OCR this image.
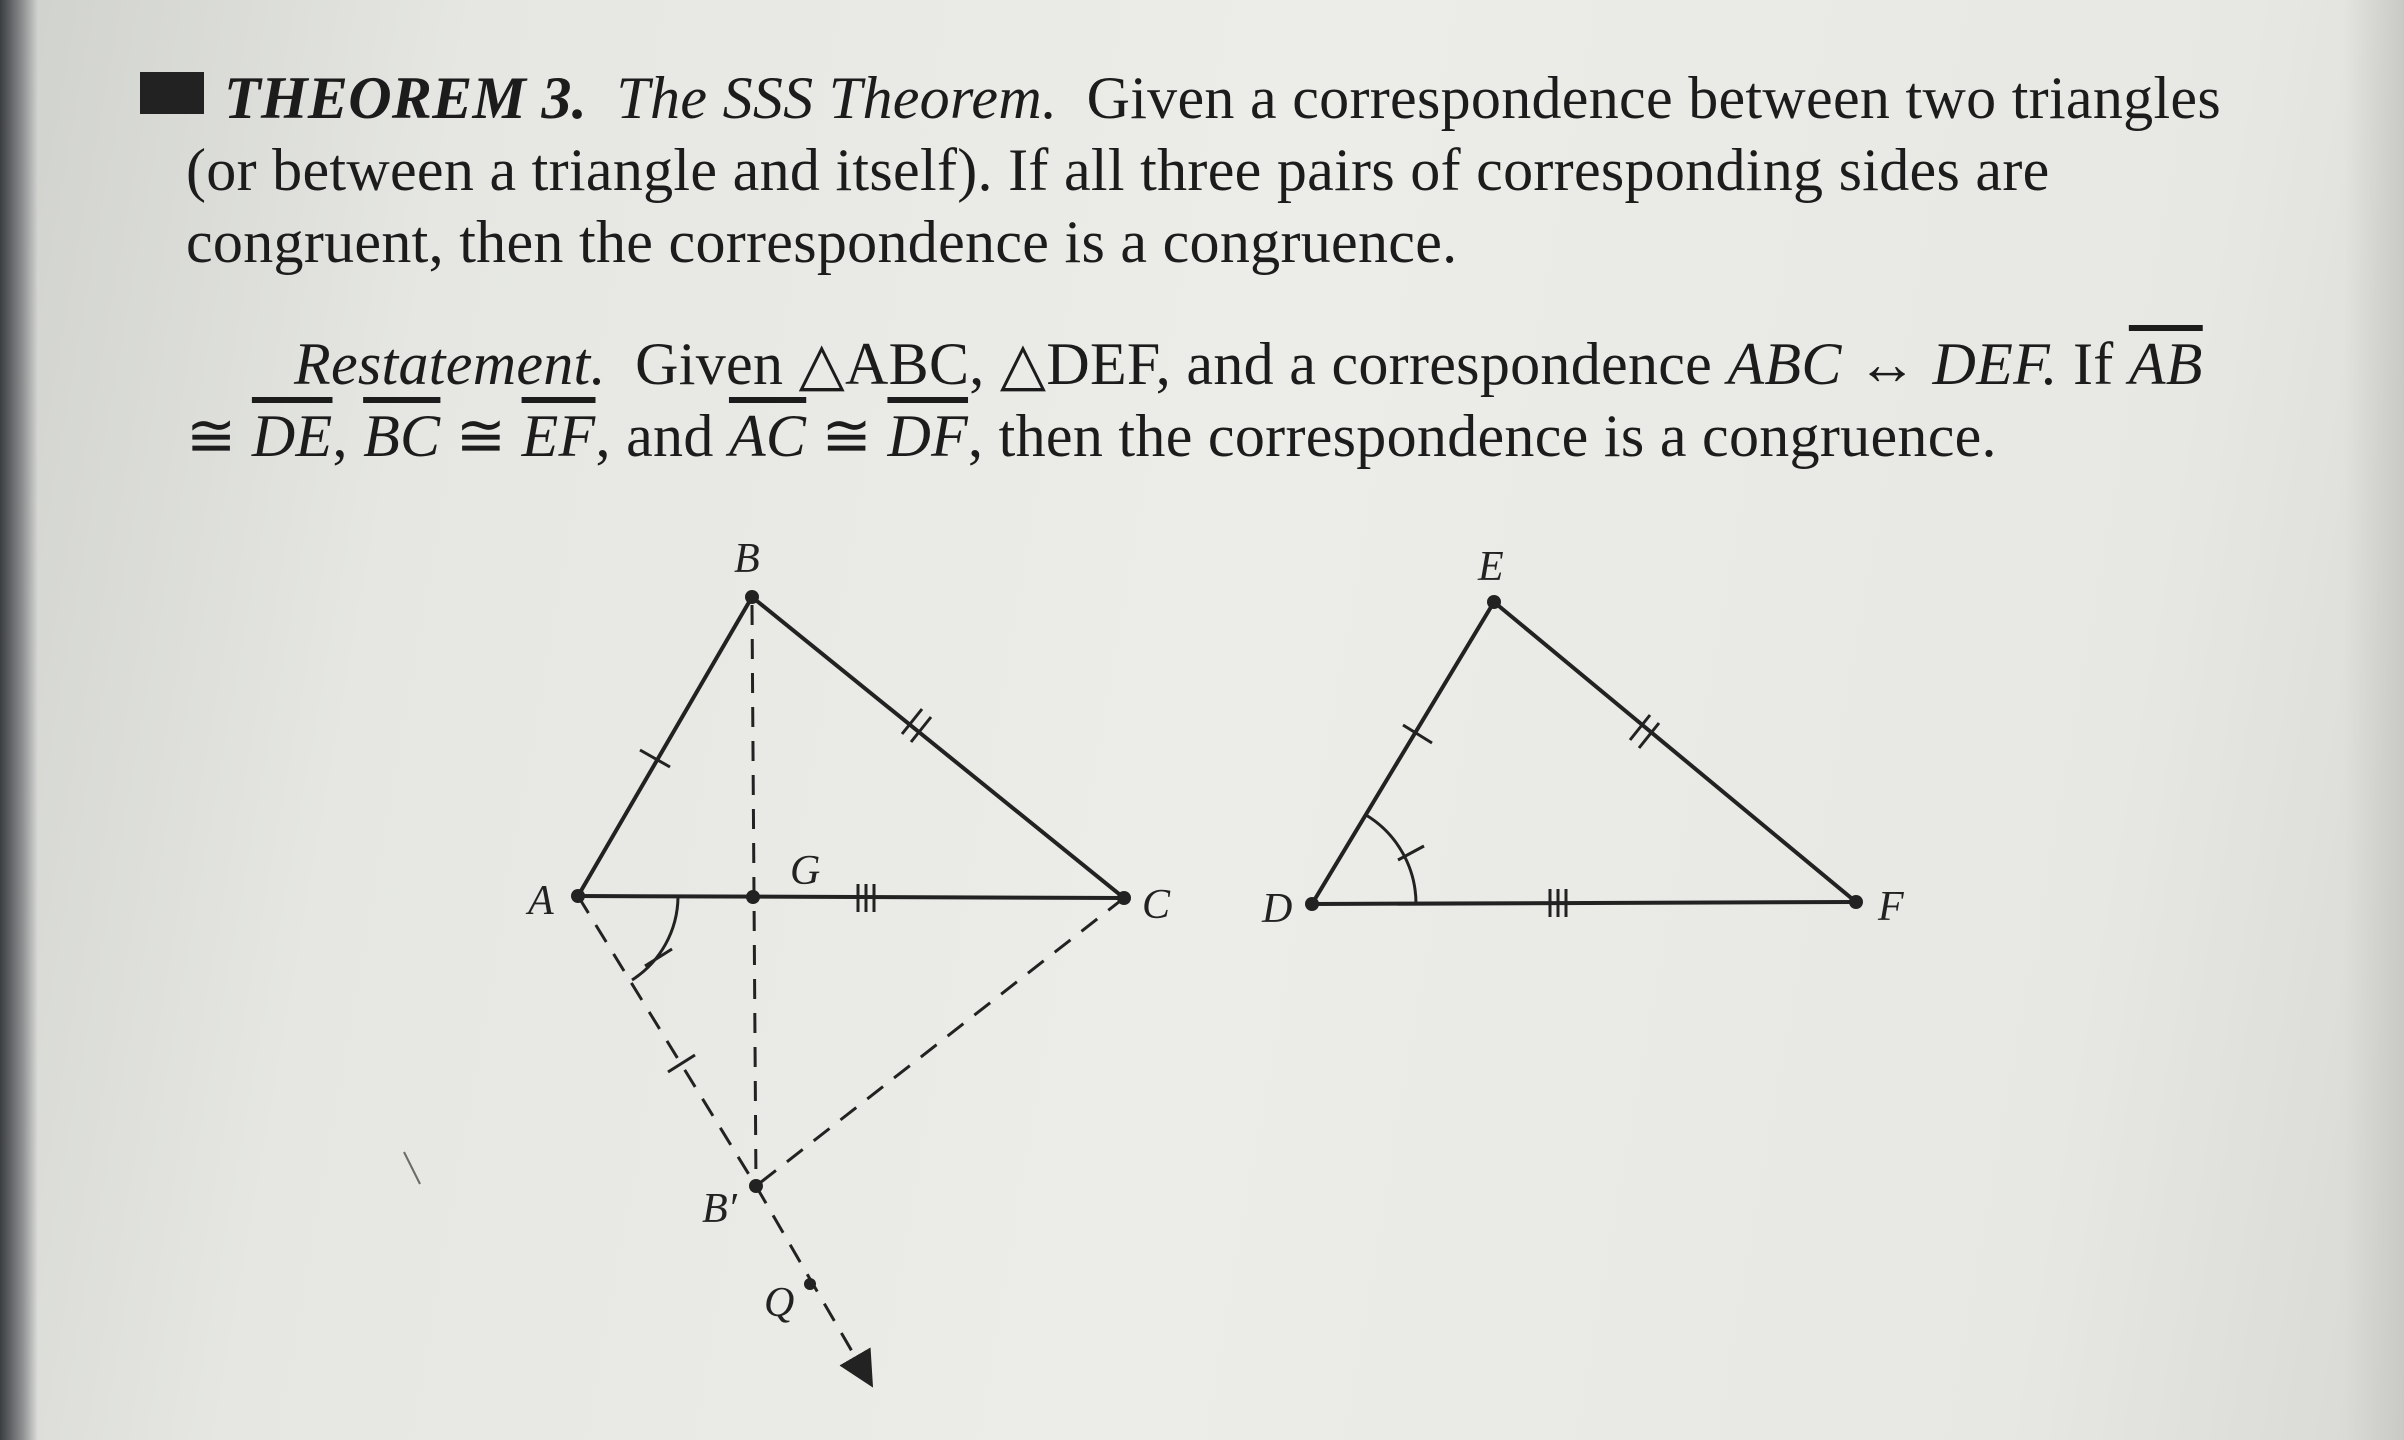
THEOREM 3. The SSS Theorem. Given a correspondence between two triangles (or between a triangle and itself). If all three pairs of corresponding sides are congruent, then the correspondence is a congruence.
Restatement. Given △ABC, △DEF, and a correspondence ABC ↔ DEF. If $\overline{AB}$ ≅ $\overline{DE}$, $\overline{BC}$ ≅ $\overline{EF}$, and $\overline{AC}$ ≅ $\overline{DF}$, then the correspondence is a congruence.
A
B
C
G
B′
Q
D
E
F
